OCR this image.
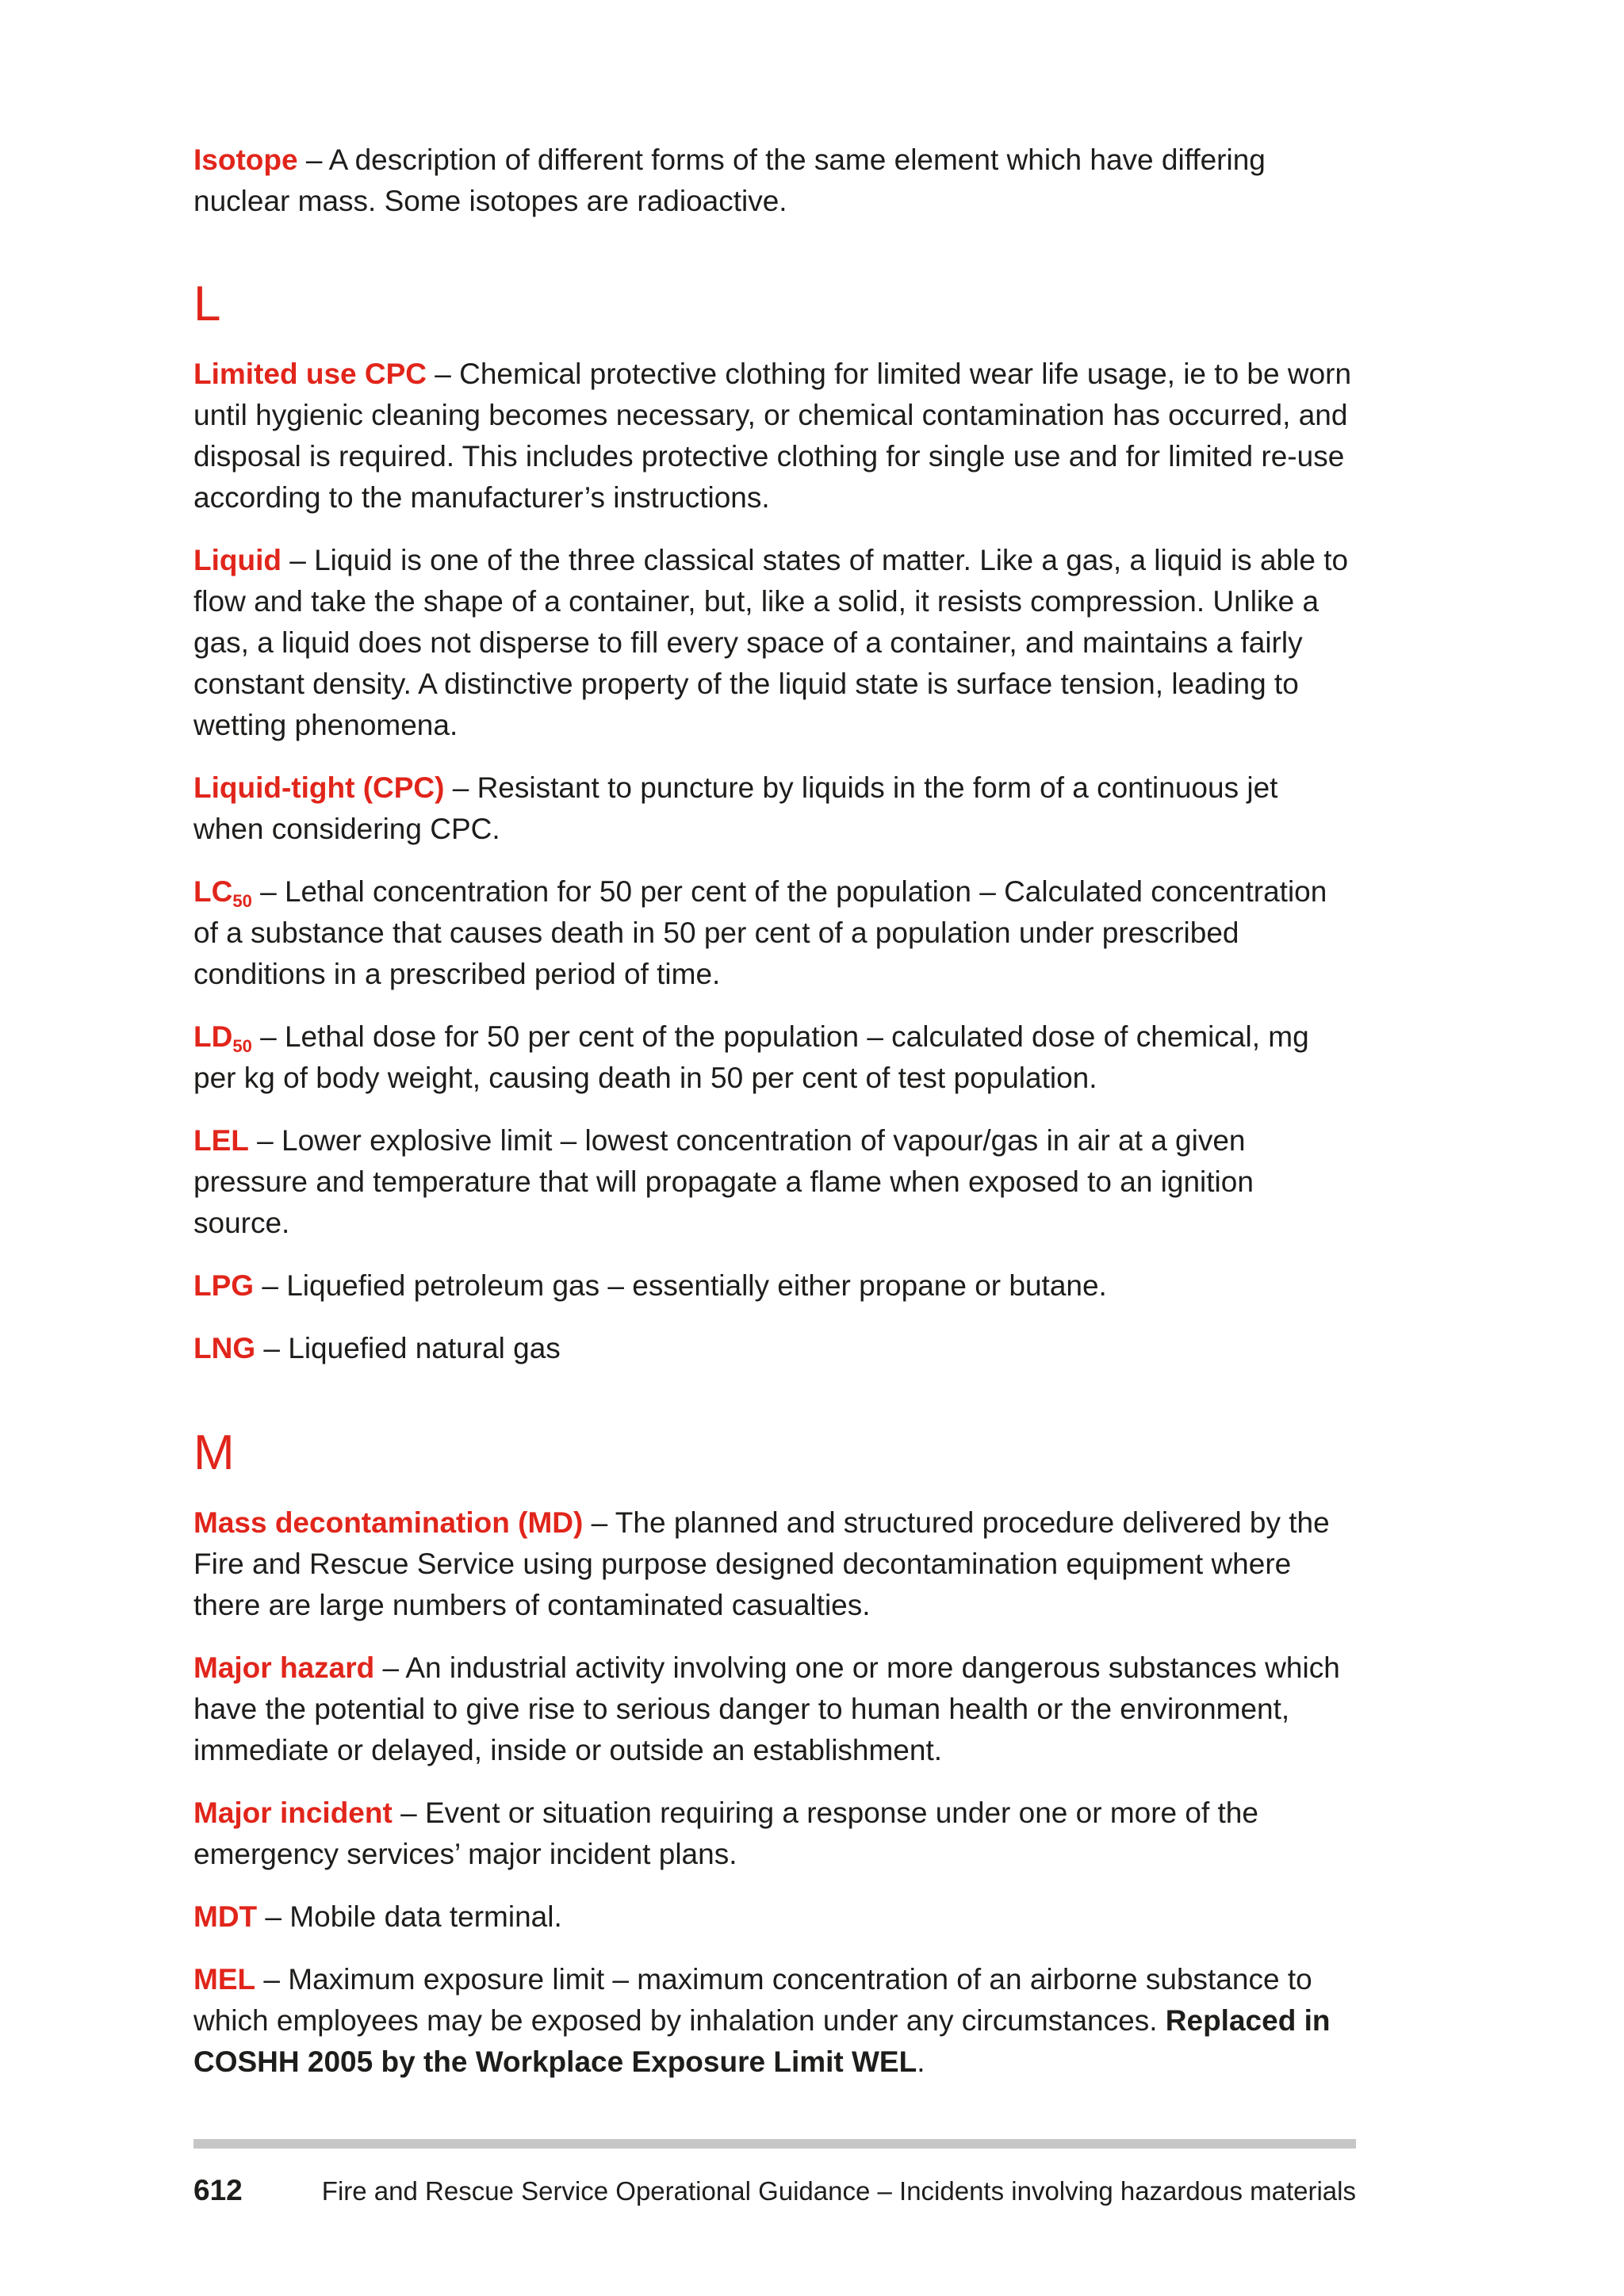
Isotope – A description of different forms of the same element which have differing nuclear mass. Some isotopes are radioactive.

L

Limited use CPC – Chemical protective clothing for limited wear life usage, ie to be worn until hygienic cleaning becomes necessary, or chemical contamination has occurred, and disposal is required. This includes protective clothing for single use and for limited re-use according to the manufacturer’s instructions.

Liquid – Liquid is one of the three classical states of matter. Like a gas, a liquid is able to flow and take the shape of a container, but, like a solid, it resists compression. Unlike a gas, a liquid does not disperse to fill every space of a container, and maintains a fairly constant density. A distinctive property of the liquid state is surface tension, leading to wetting phenomena.

Liquid-tight (CPC) – Resistant to puncture by liquids in the form of a continuous jet when considering CPC.

$LC_{50}$ – Lethal concentration for 50 per cent of the population – Calculated concentration of a substance that causes death in 50 per cent of a population under prescribed conditions in a prescribed period of time.

$LD_{50}$ – Lethal dose for 50 per cent of the population – calculated dose of chemical, mg per kg of body weight, causing death in 50 per cent of test population.

LEL – Lower explosive limit – lowest concentration of vapour/gas in air at a given pressure and temperature that will propagate a flame when exposed to an ignition source.

LPG – Liquefied petroleum gas – essentially either propane or butane.

LNG – Liquefied natural gas

M

Mass decontamination (MD) – The planned and structured procedure delivered by the Fire and Rescue Service using purpose designed decontamination equipment where there are large numbers of contaminated casualties.

Major hazard – An industrial activity involving one or more dangerous substances which have the potential to give rise to serious danger to human health or the environment, immediate or delayed, inside or outside an establishment.

Major incident – Event or situation requiring a response under one or more of the emergency services’ major incident plans.

MDT – Mobile data terminal.

MEL – Maximum exposure limit – maximum concentration of an airborne substance to which employees may be exposed by inhalation under any circumstances. Replaced in COSHH 2005 by the Workplace Exposure Limit WEL.

612	Fire and Rescue Service Operational Guidance – Incidents involving hazardous materials
